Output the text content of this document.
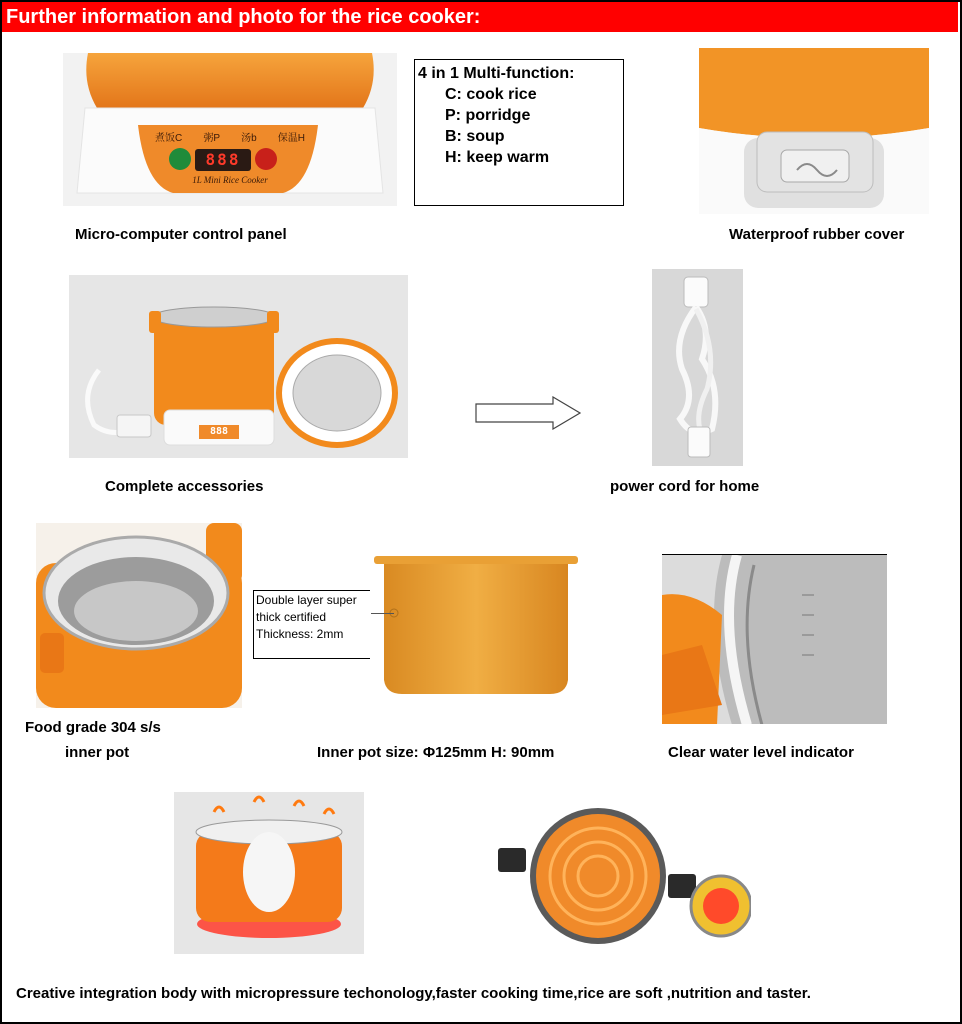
Further information and photo for the rice cooker:
煮饭C 粥P 汤b 保温H
888
1L Mini Rice Cooker
Micro-computer control panel
4 in 1 Multi-function:
C: cook rice
P: porridge
B: soup
H: keep warm
Waterproof rubber cover
888
Complete accessories	power cord for home
Food grade 304 s/s
inner pot
Double layer super
thick certified
Thickness: 2mm
Inner pot size: Φ125mm H: 90mm	Clear water level indicator
Creative integration body with micropressure techonology,faster cooking time,rice are soft ,nutrition and taster.
